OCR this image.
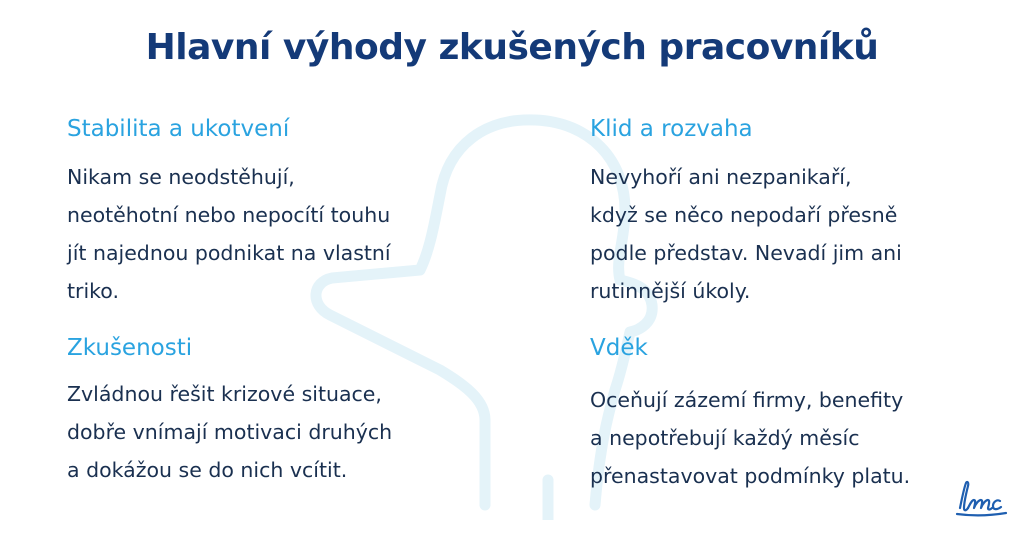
Hlavní výhody zkušených pracovníků
Stabilita a ukotvení
Nikam se neodstěhují,
neotěhotní nebo nepocítí touhu
jít najednou podnikat na vlastní
triko.
Klid a rozvaha
Nevyhoří ani nezpanikaří,
když se něco nepodaří přesně
podle představ. Nevadí jim ani
rutinnější úkoly.
Zkušenosti
Zvládnou řešit krizové situace,
dobře vnímají motivaci druhých
a dokážou se do nich vcítit.
Vděk
Oceňují zázemí firmy, benefity
a nepotřebují každý měsíc
přenastavovat podmínky platu.
